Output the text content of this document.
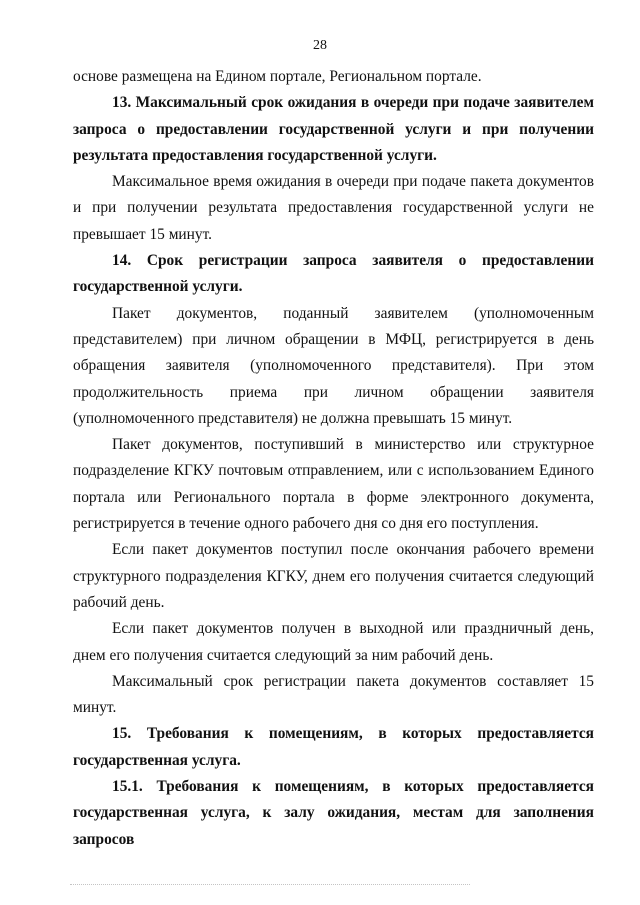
28

основе размещена на Едином портале, Региональном портале.

13. Максимальный срок ожидания в очереди при подаче заявителем запроса о предоставлении государственной услуги и при получении результата предоставления государственной услуги.

Максимальное время ожидания в очереди при подаче пакета документов и при получении результата предоставления государственной услуги не превышает 15 минут.

14. Срок регистрации запроса заявителя о предоставлении государственной услуги.

Пакет документов, поданный заявителем (уполномоченным представителем) при личном обращении в МФЦ, регистрируется в день обращения заявителя (уполномоченного представителя). При этом продолжительность приема при личном обращении заявителя (уполномоченного представителя) не должна превышать 15 минут.

Пакет документов, поступивший в министерство или структурное подразделение КГКУ почтовым отправлением, или с использованием Единого портала или Регионального портала в форме электронного документа, регистрируется в течение одного рабочего дня со дня его поступления.

Если пакет документов поступил после окончания рабочего времени структурного подразделения КГКУ, днем его получения считается следующий рабочий день.

Если пакет документов получен в выходной или праздничный день, днем его получения считается следующий за ним рабочий день.

Максимальный срок регистрации пакета документов составляет 15 минут.

15. Требования к помещениям, в которых предоставляется государственная услуга.

15.1. Требования к помещениям, в которых предоставляется государственная услуга, к залу ожидания, местам для заполнения запросов
